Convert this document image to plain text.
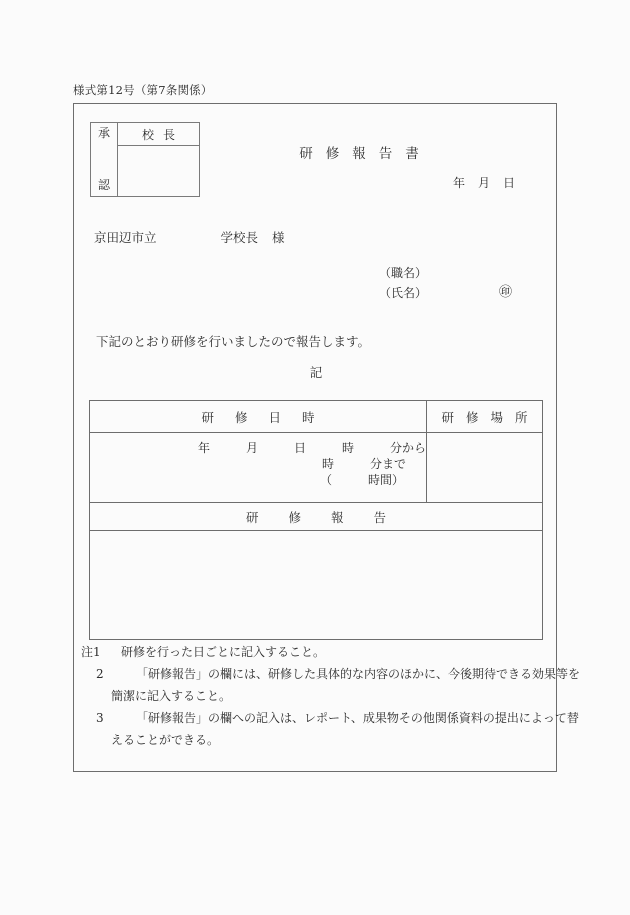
様式第12号（第7条関係）
承
認
校長
研修報告書
年月日
京田辺市立	学校長 様
（職名）
（氏名）	㊞
下記のとおり研修を行いましたので報告します。
記
研修日時	研修場所

年　　　月　　　日　　　時　　　分から
時　　　分まで
（　　　時間）	

研修報告	

注1	研修を行った日ごとに記入すること。
2	「研修報告」の欄には、研修した具体的な内容のほかに、今後期待できる効果等を
簡潔に記入すること。
3	「研修報告」の欄への記入は、レポート、成果物その他関係資料の提出によって替
えることができる。
